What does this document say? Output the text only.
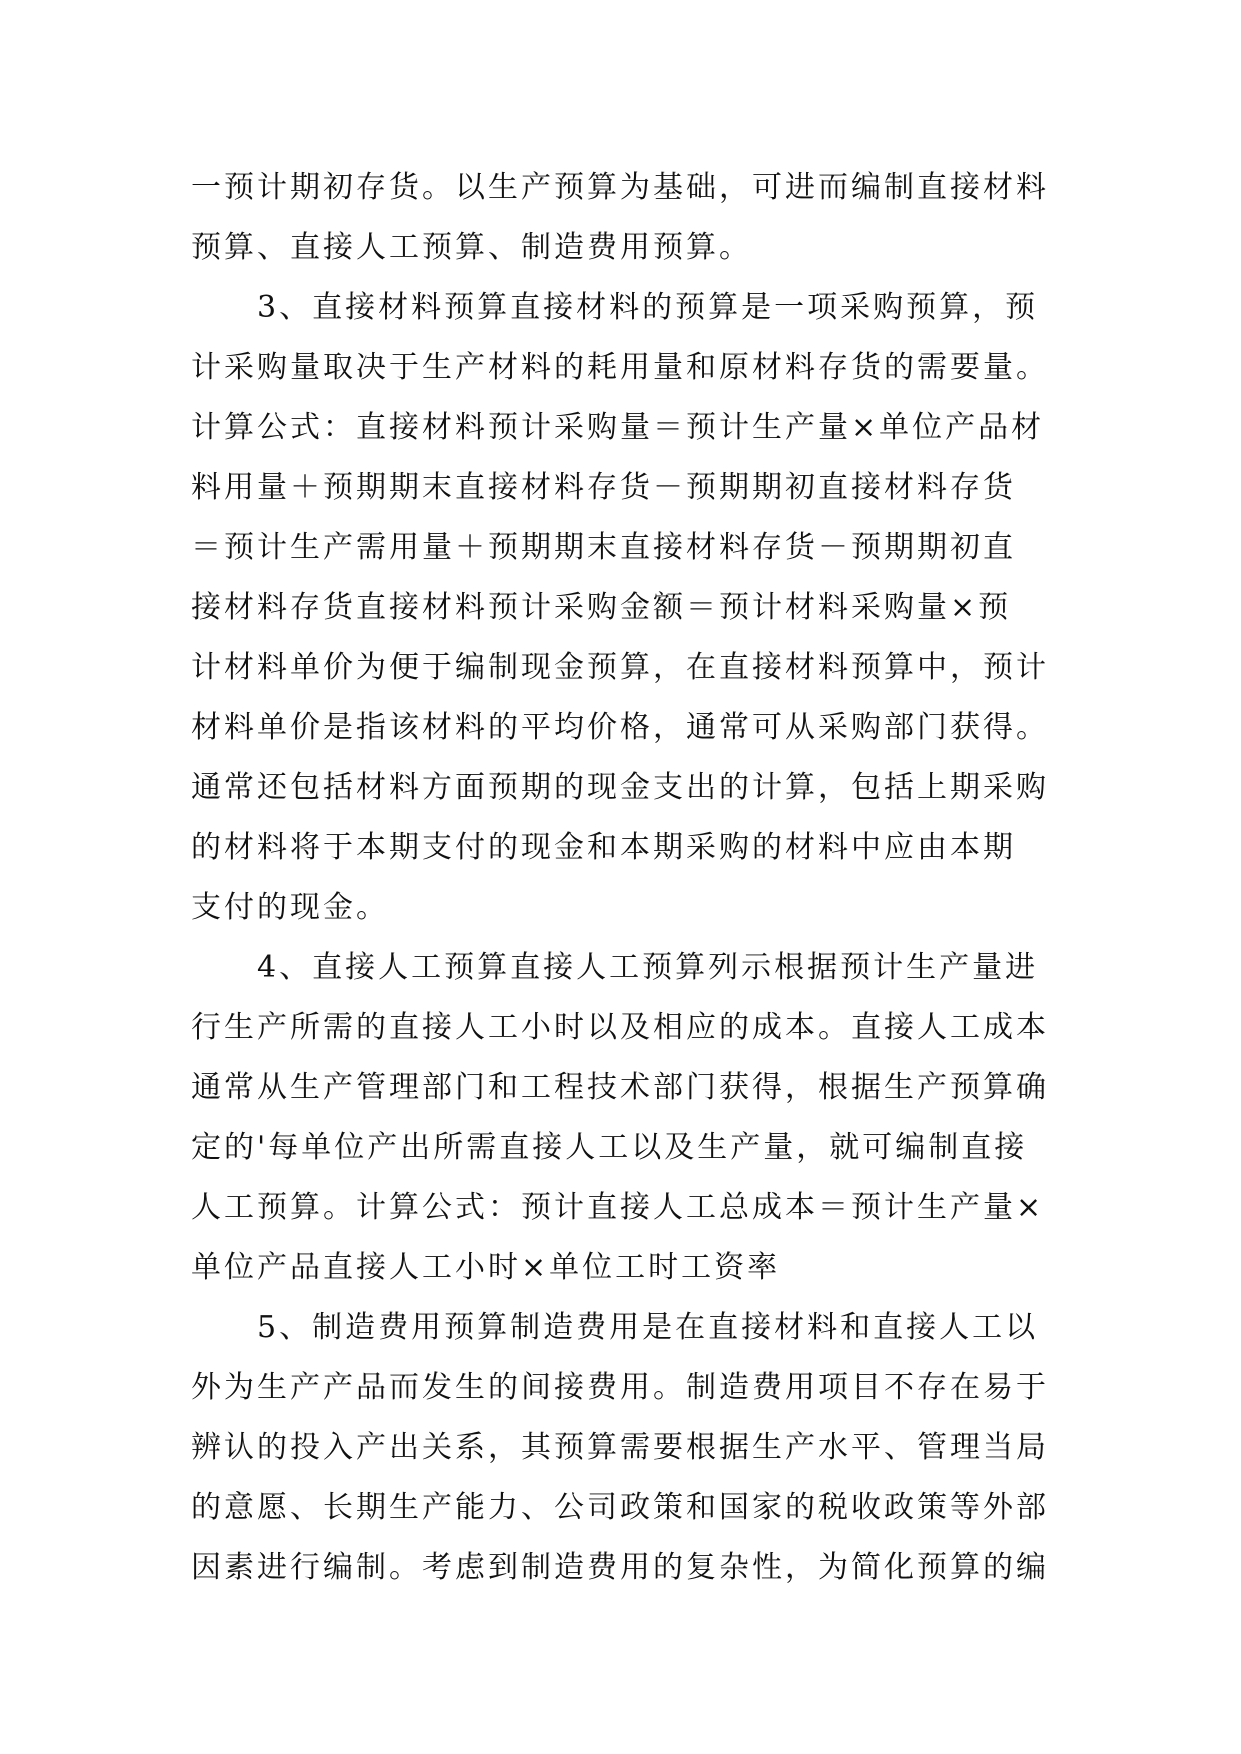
一预计期初存货。以生产预算为基础，可进而编制直接材料
预算、直接人工预算、制造费用预算。
　　3、直接材料预算直接材料的预算是一项采购预算，预
计采购量取决于生产材料的耗用量和原材料存货的需要量。
计算公式：直接材料预计采购量＝预计生产量×单位产品材
料用量＋预期期末直接材料存货－预期期初直接材料存货
＝预计生产需用量＋预期期末直接材料存货－预期期初直
接材料存货直接材料预计采购金额＝预计材料采购量×预
计材料单价为便于编制现金预算，在直接材料预算中，预计
材料单价是指该材料的平均价格，通常可从采购部门获得。
通常还包括材料方面预期的现金支出的计算，包括上期采购
的材料将于本期支付的现金和本期采购的材料中应由本期
支付的现金。
　　4、直接人工预算直接人工预算列示根据预计生产量进
行生产所需的直接人工小时以及相应的成本。直接人工成本
通常从生产管理部门和工程技术部门获得，根据生产预算确
定的'每单位产出所需直接人工以及生产量，就可编制直接
人工预算。计算公式：预计直接人工总成本＝预计生产量×
单位产品直接人工小时×单位工时工资率
　　5、制造费用预算制造费用是在直接材料和直接人工以
外为生产产品而发生的间接费用。制造费用项目不存在易于
辨认的投入产出关系，其预算需要根据生产水平、管理当局
的意愿、长期生产能力、公司政策和国家的税收政策等外部
因素进行编制。考虑到制造费用的复杂性，为简化预算的编
